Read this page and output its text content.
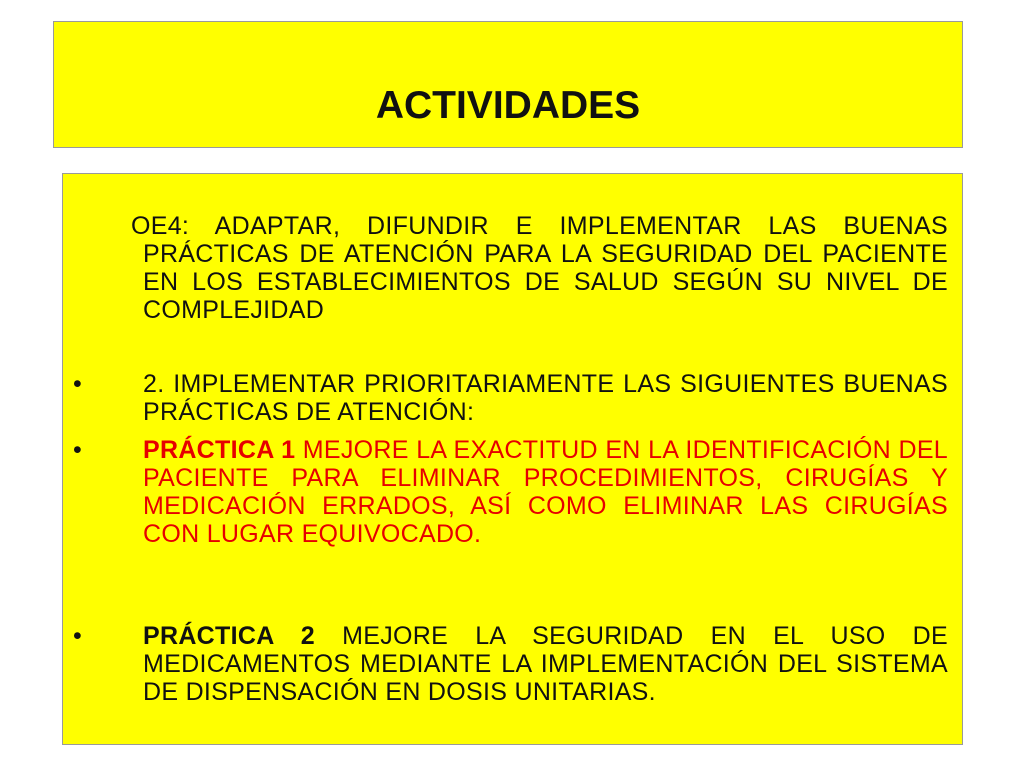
ACTIVIDADES
OE4: ADAPTAR, DIFUNDIR E IMPLEMENTAR LAS BUENAS PRÁCTICAS DE ATENCIÓN PARA LA SEGURIDAD DEL PACIENTE EN LOS ESTABLECIMIENTOS DE SALUD SEGÚN SU NIVEL DE COMPLEJIDAD
• 2. IMPLEMENTAR PRIORITARIAMENTE LAS SIGUIENTES BUENAS PRÁCTICAS DE ATENCIÓN:
• PRÁCTICA 1 MEJORE LA EXACTITUD EN LA IDENTIFICACIÓN DEL PACIENTE PARA ELIMINAR PROCEDIMIENTOS, CIRUGÍAS Y MEDICACIÓN ERRADOS, ASÍ COMO ELIMINAR LAS CIRUGÍAS CON LUGAR EQUIVOCADO.
• PRÁCTICA 2 MEJORE LA SEGURIDAD EN EL USO DE MEDICAMENTOS MEDIANTE LA IMPLEMENTACIÓN DEL SISTEMA DE DISPENSACIÓN EN DOSIS UNITARIAS.
